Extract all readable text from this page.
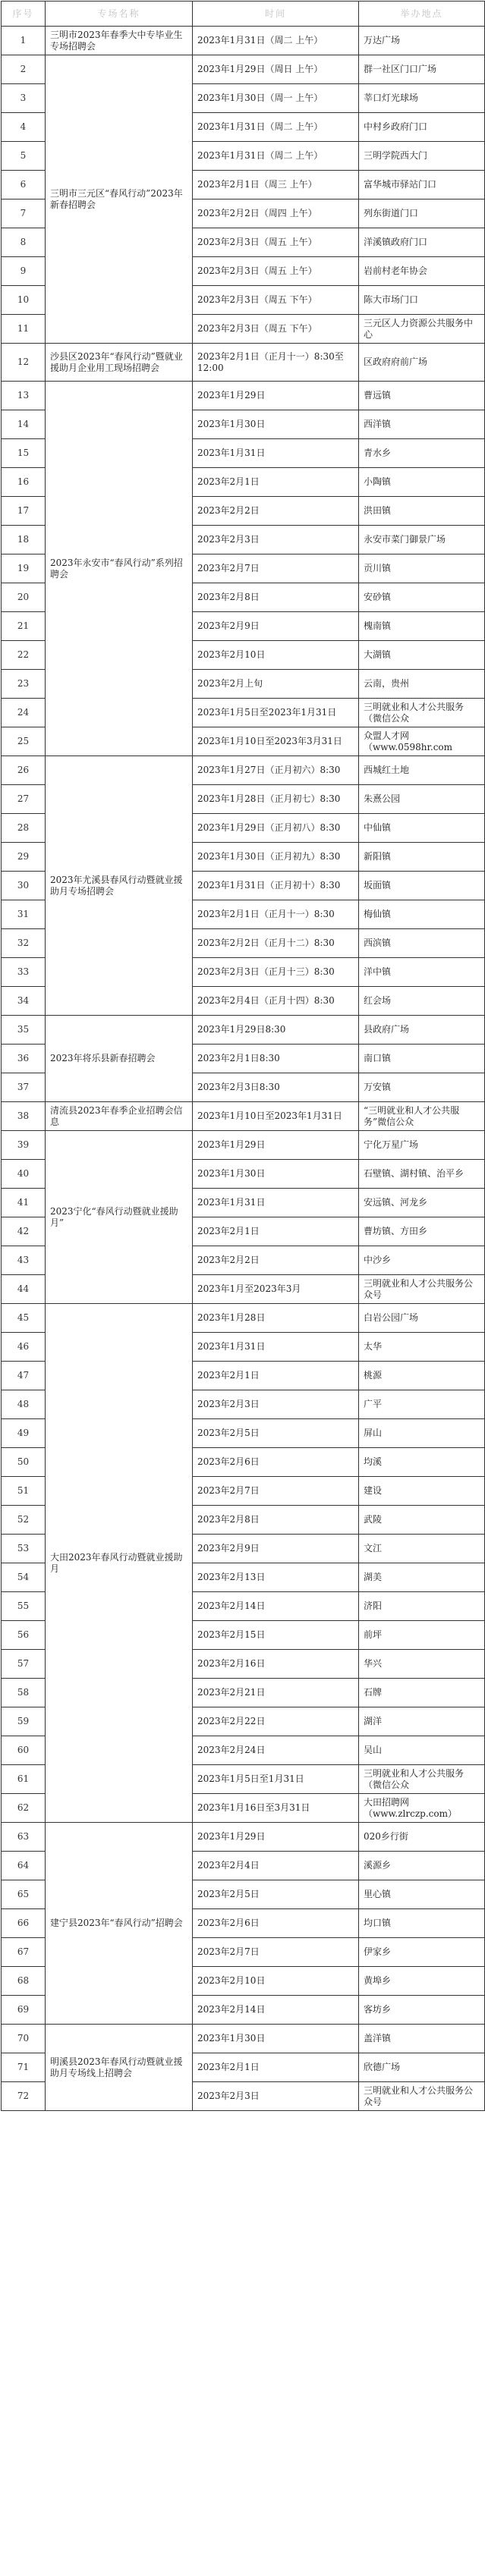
序号	专场名称	时间	举办地点
1	三明市2023年春季大中专毕业生专场招聘会	2023年1月31日（周二 上午）	万达广场
2	三明市三元区“春风行动”2023年新春招聘会	2023年1月29日（周日 上午）	群一社区门口广场
3		2023年1月30日（周一 上午）	莘口灯光球场
4		2023年1月31日（周二 上午）	中村乡政府门口
5		2023年1月31日（周二 上午）	三明学院西大门
6		2023年2月1日（周三 上午）	富华城市驿站门口
7		2023年2月2日（周四 上午）	列东街道门口
8		2023年2月3日（周五 上午）	洋溪镇政府门口
9		2023年2月3日（周五 上午）	岩前村老年协会
10		2023年2月3日（周五 下午）	陈大市场门口
11		2023年2月3日（周五 下午）	三元区人力资源公共服务中心
12	沙县区2023年“春风行动”暨就业援助月企业用工现场招聘会	2023年2月1日（正月十一）8:30至12:00	区政府府前广场
13	2023年永安市“春风行动”系列招聘会	2023年1月29日	曹远镇
14		2023年1月30日	西洋镇
15		2023年1月31日	青水乡
16		2023年2月1日	小陶镇
17		2023年2月2日	洪田镇
18		2023年2月3日	永安市菜门御景广场
19		2023年2月7日	贡川镇
20		2023年2月8日	安砂镇
21		2023年2月9日	槐南镇
22		2023年2月10日	大湖镇
23		2023年2月上旬	云南，贵州
24		2023年1月5日至2023年1月31日	三明就业和人才公共服务（微信公众
25		2023年1月10日至2023年3月31日	众盟人才网（www.0598hr.com
26	2023年尤溪县春风行动暨就业援助月专场招聘会	2023年1月27日（正月初六）8:30	西城红土地
27		2023年1月28日（正月初七）8:30	朱熹公园
28		2023年1月29日（正月初八）8:30	中仙镇
29		2023年1月30日（正月初九）8:30	新阳镇
30		2023年1月31日（正月初十）8:30	坂面镇
31		2023年2月1日（正月十一）8:30	梅仙镇
32		2023年2月2日（正月十二）8:30	西滨镇
33		2023年2月3日（正月十三）8:30	洋中镇
34		2023年2月4日（正月十四）8:30	红会场
35	2023年将乐县新春招聘会	2023年1月29日8:30	县政府广场
36		2023年2月1日8:30	南口镇
37		2023年2月3日8:30	万安镇
38	清流县2023年春季企业招聘会信息	2023年1月10日至2023年1月31日	“三明就业和人才公共服务”微信公众
39	2023宁化“春风行动暨就业援助月”	2023年1月29日	宁化万星广场
40		2023年1月30日	石壁镇、湖村镇、治平乡
41		2023年1月31日	安远镇、河龙乡
42		2023年2月1日	曹坊镇、方田乡
43		2023年2月2日	中沙乡
44		2023年1月至2023年3月	三明就业和人才公共服务公众号
45	大田2023年春风行动暨就业援助月	2023年1月28日	白岩公园广场
46		2023年1月31日	太华
47		2023年2月1日	桃源
48		2023年2月3日	广平
49		2023年2月5日	屏山
50		2023年2月6日	均溪
51		2023年2月7日	建设
52		2023年2月8日	武陵
53		2023年2月9日	文江
54		2023年2月13日	湖美
55		2023年2月14日	济阳
56		2023年2月15日	前坪
57		2023年2月16日	华兴
58		2023年2月21日	石牌
59		2023年2月22日	湖洋
60		2023年2月24日	吴山
61		2023年1月5日至1月31日	三明就业和人才公共服务（微信公众
62		2023年1月16日至3月31日	大田招聘网（www.zlrczp.com）
63	建宁县2023年“春风行动”招聘会	2023年1月29日	020乡行街
64		2023年2月4日	溪源乡
65		2023年2月5日	里心镇
66		2023年2月6日	均口镇
67		2023年2月7日	伊家乡
68		2023年2月10日	黄埠乡
69		2023年2月14日	客坊乡
70	明溪县2023年春风行动暨就业援助月专场线上招聘会	2023年1月30日	盖洋镇
71		2023年2月1日	欣德广场
72		2023年2月3日	三明就业和人才公共服务公众号
